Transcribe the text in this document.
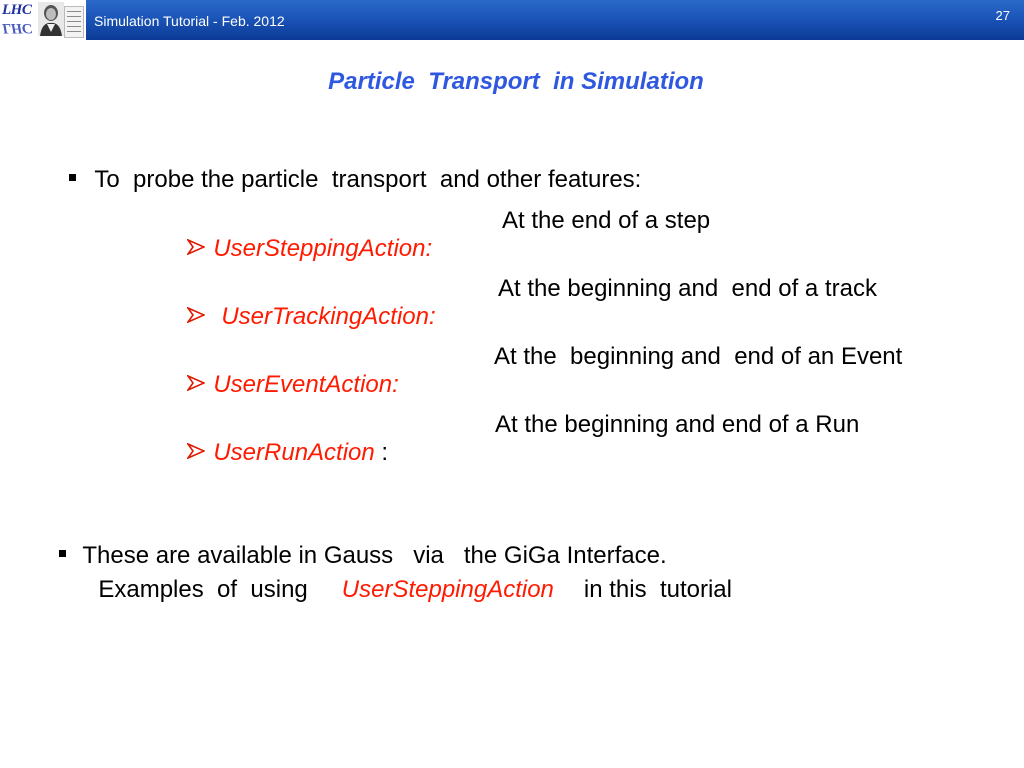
LHC
LHC	Simulation Tutorial - Feb. 2012	27
Particle  Transport  in Simulation

To  probe the particle  transport  and other features:

UserSteppingAction:

At the end of a step

UserTrackingAction:

At the beginning and  end of a track

UserEventAction:

At the  beginning and  end of an Event

UserRunAction :

At the beginning and end of a Run

These are available in Gauss   via   the GiGa Interface.

Examples  of  using UserSteppingAction in this  tutorial
